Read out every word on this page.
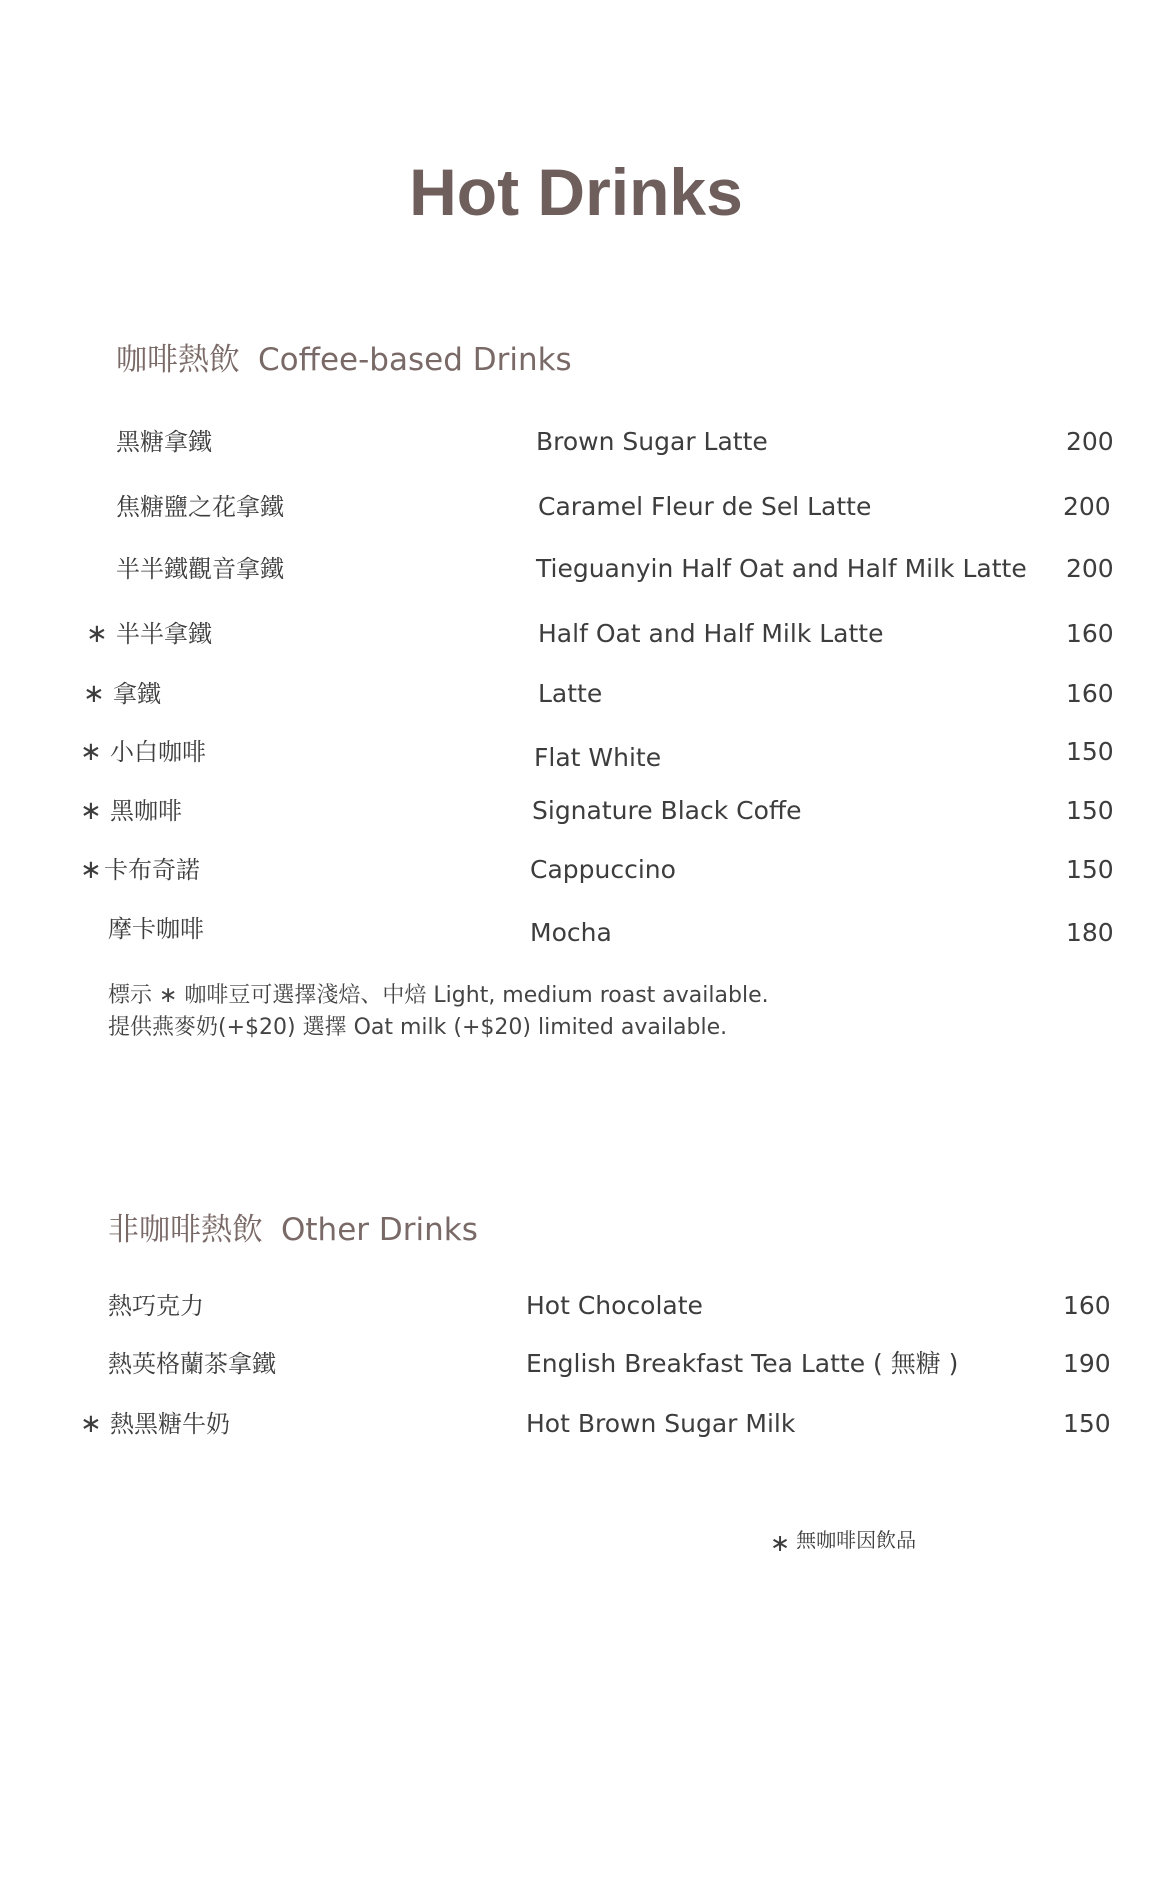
Hot Drinks
咖啡熱飲 Coffee-based Drinks
黑糖拿鐵	Brown Sugar Latte	200
焦糖鹽之花拿鐵	Caramel Fleur de Sel Latte	200
半半鐵觀音拿鐵	Tieguanyin Half Oat and Half Milk Latte 200
∗ 半半拿鐵	Half Oat and Half Milk Latte	160
∗ 拿鐵	Latte	160
∗ 小白咖啡	Flat White	150
∗ 黑咖啡	Signature Black Coffe	150
∗ 卡布奇諾	Cappuccino	150
摩卡咖啡	Mocha	180
標示 ∗ 咖啡豆可選擇淺焙、中焙 Light, medium roast available.
提供燕麥奶(+$20) 選擇 Oat milk (+$20) limited available.
非咖啡熱飲 Other Drinks
熱巧克力	Hot Chocolate	160
熱英格蘭茶拿鐵	English Breakfast Tea Latte ( 無糖 )	190
∗ 熱黑糖牛奶	Hot Brown Sugar Milk	150
∗ 無咖啡因飲品
